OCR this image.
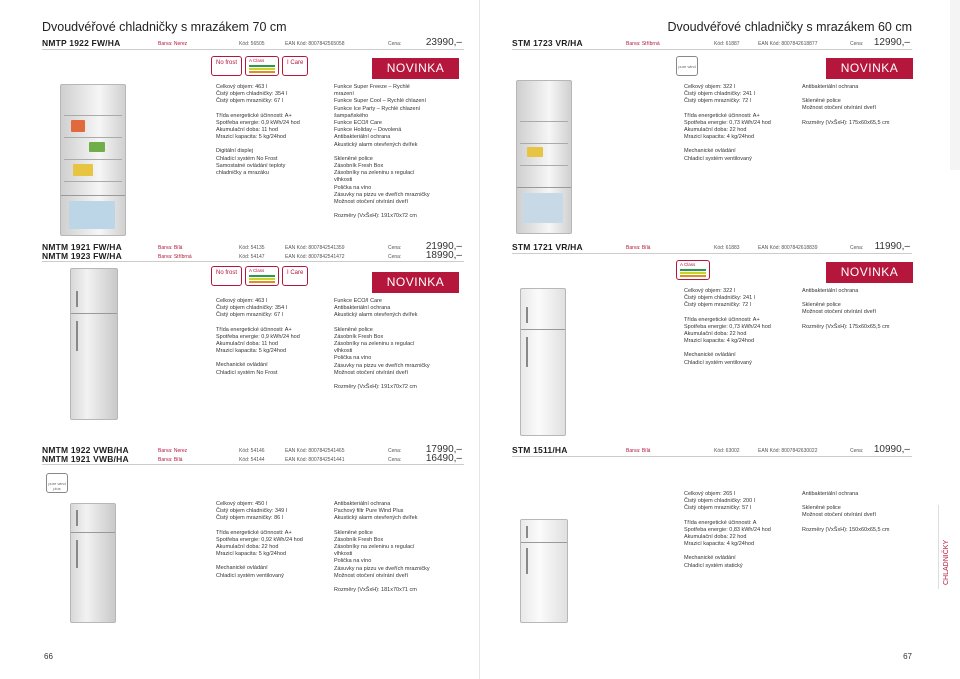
Dvoudvéřové chladničky s mrazákem 70 cm
NMTP 1922 FW/HA	Barva: Nerez	Kód: 56505	EAN Kód: 8007842565058	Cena: 23990,–
No frost	A Class	I Care	NOVINKA
Celkový objem: 463 l
Čistý objem chladničky: 354 l
Čistý objem mrazničky: 67 l
Třída energetické účinnosti: A+
Spotřeba energie: 0,9 kWh/24 hod
Akumulační doba: 11 hod
Mrazicí kapacita: 5 kg/24hod
Digitální displej
Chladicí systém No Frost
Samostatné ovládání teploty
chladničky a mrazáku
Funkce Super Freeze – Rychlé
mrazení
Funkce Super Cool – Rychlé chlazení
Funkce Ice Party – Rychlé chlazení
šampaňského
Funkce ECO/I Care
Funkce Holiday – Dovolená
Antibakteriální ochrana
Akustický alarm otevřených dvířek
Skleněné police
Zásobník Fresh Box
Zásobníky na zeleninu s regulací
vlhkosti
Polička na víno
Zásuvky na pizzu ve dveřích mrazničky
Možnost otočení otvírání dveří
Rozměry (VxŠxH): 191x70x72 cm
NMTM 1921 FW/HA	Barva: Bílá	Kód: 54135	EAN Kód: 8007842541359	Cena: 21990,–
NMTM 1923 FW/HA	Barva: Stříbrná	Kód: 54147	EAN Kód: 8007842541472	Cena: 18990,–
No frost	A Class	I Care
NOVINKA
Celkový objem: 463 l
Čistý objem chladničky: 354 l
Čistý objem mrazničky: 67 l
Třída energetické účinnosti: A+
Spotřeba energie: 0,9 kWh/24 hod
Akumulační doba: 11 hod
Mrazicí kapacita: 5 kg/24hod
Mechanické ovládání
Chladicí systém No Frost
Funkce ECO/I Care
Antibakteriální ochrana
Akustický alarm otevřených dvířek
Skleněné police
Zásobník Fresh Box
Zásobníky na zeleninu s regulací
vlhkosti
Polička na víno
Zásuvky na pizzu ve dveřích mrazničky
Možnost otočení otvírání dveří
Rozměry (VxŠxH): 191x70x72 cm
NMTM 1922 VWB/HA	Barva: Nerez	Kód: 54146	EAN Kód: 8007842541465	Cena: 17990,–
NMTM 1921 VWB/HA	Barva: Bílá	Kód: 54144	EAN Kód: 8007842541441	Cena: 16490,–
pure wind plus
Celkový objem: 450 l
Čistý objem chladničky: 349 l
Čistý objem mrazničky: 86 l
Třída energetické účinnosti: A+
Spotřeba energie: 0,92 kWh/24 hod
Akumulační doba: 22 hod
Mrazicí kapacita: 5 kg/24hod
Mechanické ovládání
Chladicí systém ventilovaný
Antibakteriální ochrana
Pachový filtr Pure Wind Plus
Akustický alarm otevřených dvířek
Skleněné police
Zásobník Fresh Box
Zásobníky na zeleninu s regulací
vlhkosti
Polička na víno
Zásuvky na pizzu ve dveřích mrazničky
Možnost otočení otvírání dveří
Rozměry (VxŠxH): 181x70x71 cm
66
Dvoudvéřové chladničky s mrazákem 60 cm
STM 1723 VR/HA	Barva: Stříbrná	Kód: 61887	EAN Kód: 8007842618877	Cena: 12990,–
pure wind	NOVINKA
Celkový objem: 322 l
Čistý objem chladničky: 241 l
Čistý objem mrazničky: 72 l
Třída energetické účinnosti: A+
Spotřeba energie: 0,73 kWh/24 hod
Akumulační doba: 22 hod
Mrazicí kapacita: 4 kg/24hod
Mechanické ovládání
Chladicí systém ventilovaný
Antibakteriální ochrana
Skleněné police
Možnost otočení otvírání dveří
Rozměry (VxŠxH): 175x60x65,5 cm
STM 1721 VR/HA	Barva: Bílá	Kód: 61883	EAN Kód: 8007842618839	Cena: 11990,–
A Class
NOVINKA
Celkový objem: 322 l
Čistý objem chladničky: 241 l
Čistý objem mrazničky: 72 l
Třída energetické účinnosti: A+
Spotřeba energie: 0,73 kWh/24 hod
Akumulační doba: 22 hod
Mrazicí kapacita: 4 kg/24hod
Mechanické ovládání
Chladicí systém ventilovaný
Antibakteriální ochrana
Skleněné police
Možnost otočení otvírání dveří
Rozměry (VxŠxH): 175x60x65,5 cm
STM 1511/HA	Barva: Bílá	Kód: 63002	EAN Kód: 8007842630022	Cena: 10990,–
Celkový objem: 265 l
Čistý objem chladničky: 200 l
Čistý objem mrazničky: 57 l
Třída energetické účinnosti: A
Spotřeba energie: 0,83 kWh/24 hod
Akumulační doba: 22 hod
Mrazicí kapacita: 4 kg/24hod
Mechanické ovládání
Chladicí systém statický
Antibakteriální ochrana
Skleněné police
Možnost otočení otvírání dveří
Rozměry (VxŠxH): 150x60x65,5 cm
CHLADNIČKY
67
